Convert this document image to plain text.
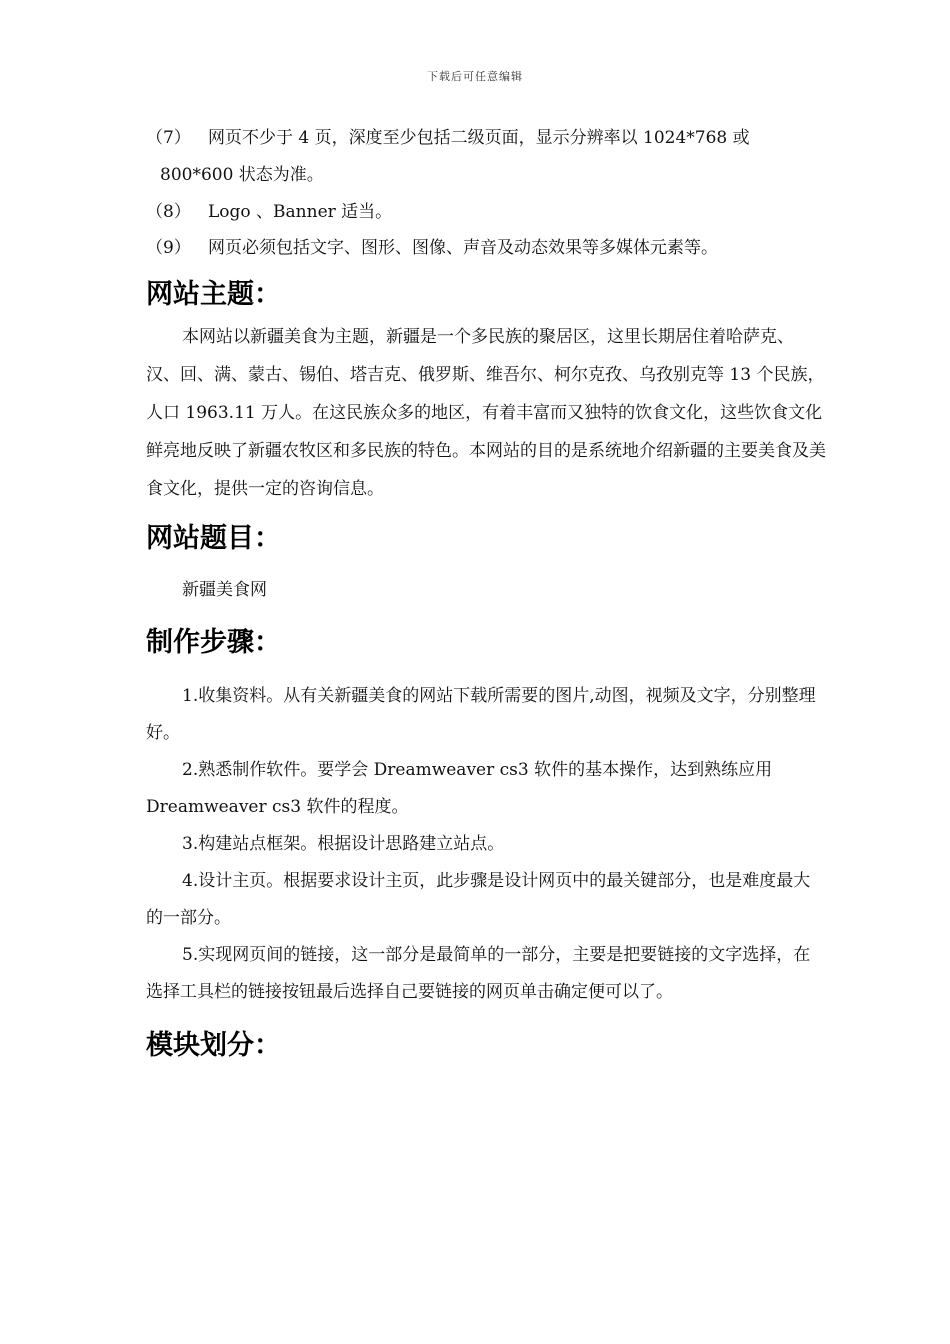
下载后可任意编辑

（7） 网页不少于 4 页，深度至少包括二级页面，显示分辨率以 1024*768 或

800*600 状态为准。

（8） Logo 、Banner 适当。

（9） 网页必须包括文字、图形、图像、声音及动态效果等多媒体元素等。

网站主题：

本网站以新疆美食为主题，新疆是一个多民族的聚居区，这里长期居住着哈萨克、汉、回、满、蒙古、锡伯、塔吉克、俄罗斯、维吾尔、柯尔克孜、乌孜别克等 13 个民族，人口 1963.11 万人。在这民族众多的地区，有着丰富而又独特的饮食文化，这些饮食文化鲜亮地反映了新疆农牧区和多民族的特色。本网站的目的是系统地介绍新疆的主要美食及美食文化，提供一定的咨询信息。

网站题目：

新疆美食网

制作步骤：

1.收集资料。从有关新疆美食的网站下载所需要的图片,动图，视频及文字，分别整理好。

2.熟悉制作软件。要学会 Dreamweaver cs3 软件的基本操作，达到熟练应用 Dreamweaver cs3 软件的程度。

3.构建站点框架。根据设计思路建立站点。

4.设计主页。根据要求设计主页，此步骤是设计网页中的最关键部分，也是难度最大的一部分。

5.实现网页间的链接，这一部分是最简单的一部分，主要是把要链接的文字选择，在选择工具栏的链接按钮最后选择自己要链接的网页单击确定便可以了。

模块划分：
